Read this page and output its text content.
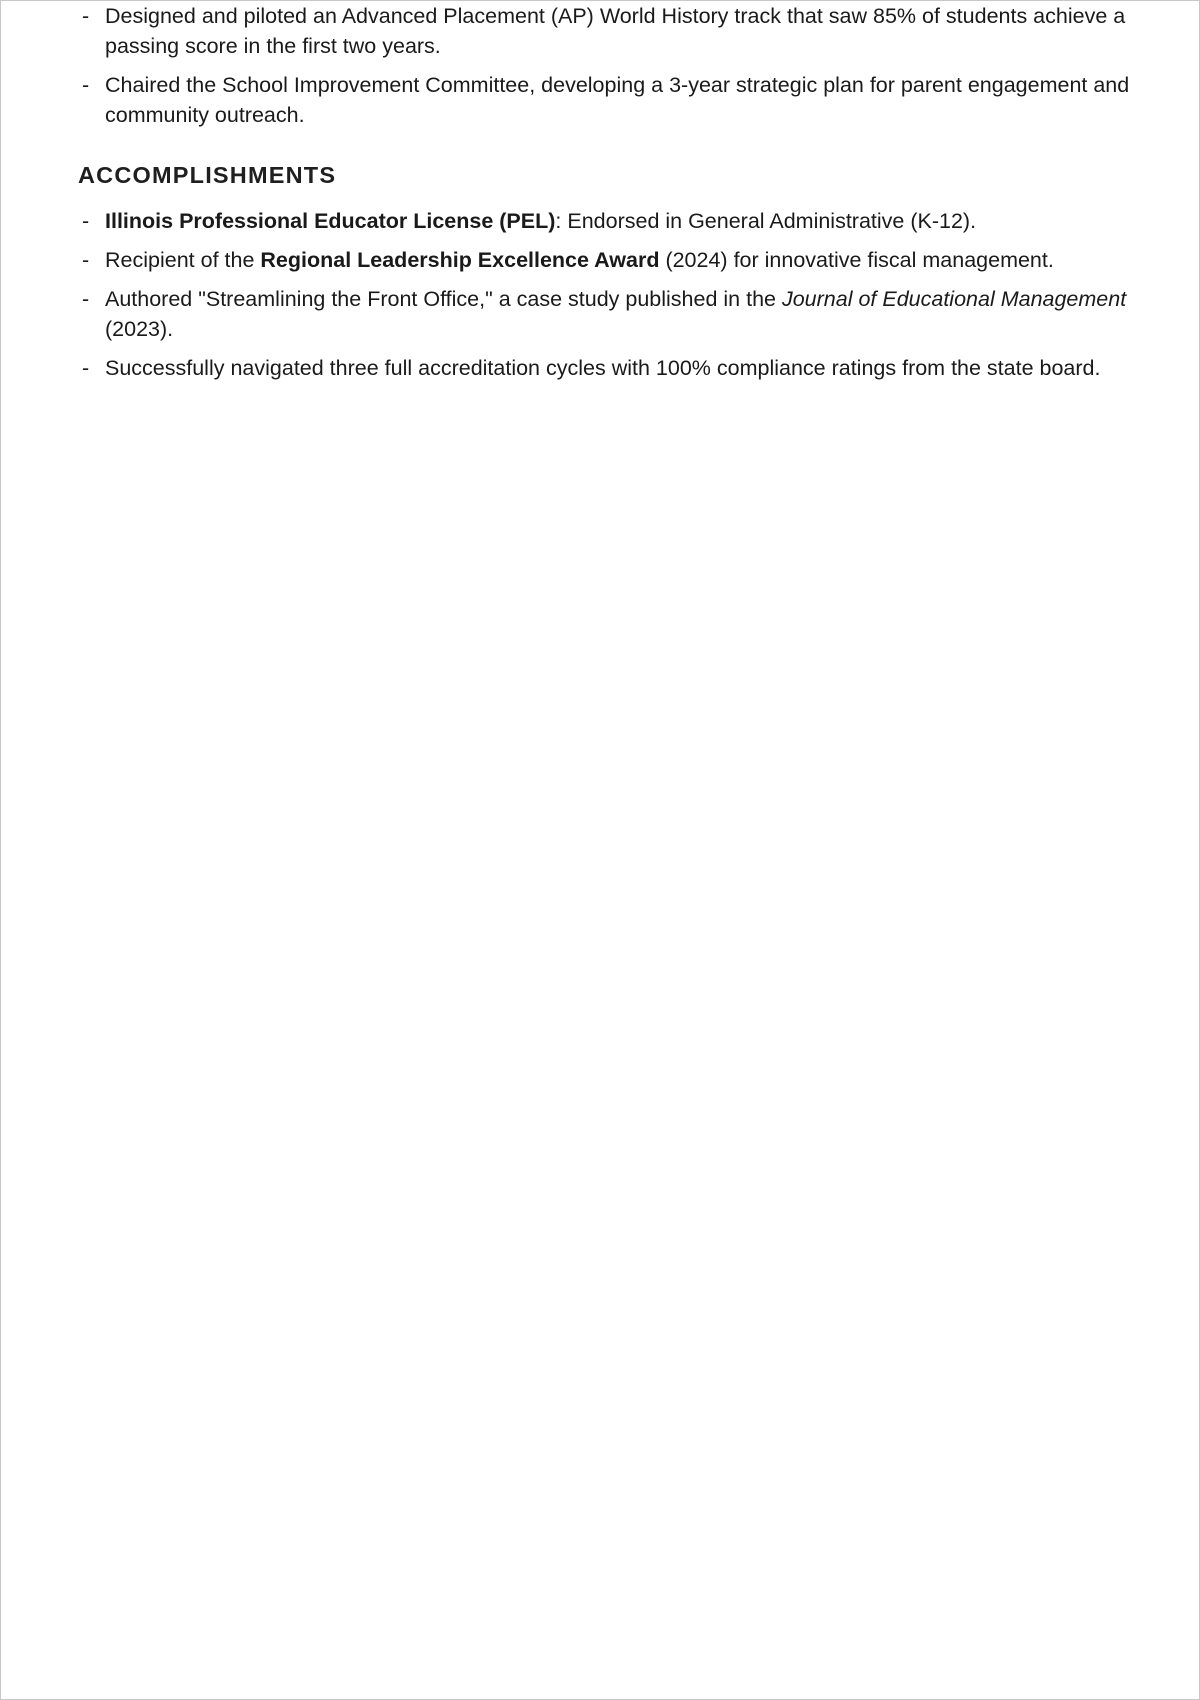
- Designed and piloted an Advanced Placement (AP) World History track that saw 85% of students achieve a passing score in the first two years.
- Chaired the School Improvement Committee, developing a 3-year strategic plan for parent engagement and community outreach.
ACCOMPLISHMENTS
- Illinois Professional Educator License (PEL): Endorsed in General Administrative (K-12).
- Recipient of the Regional Leadership Excellence Award (2024) for innovative fiscal management.
- Authored "Streamlining the Front Office," a case study published in the Journal of Educational Management (2023).
- Successfully navigated three full accreditation cycles with 100% compliance ratings from the state board.
